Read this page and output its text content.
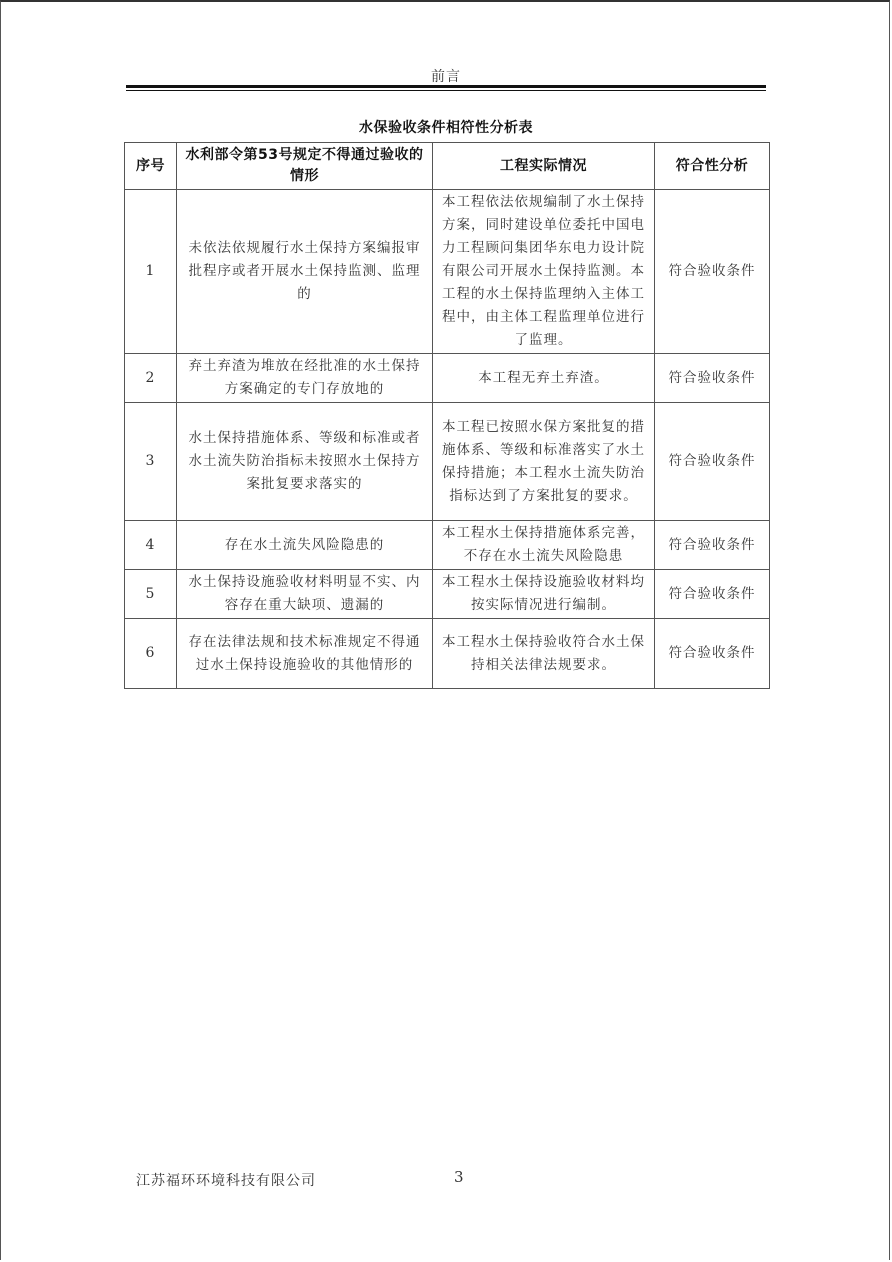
前言
水保验收条件相符性分析表
序号	水利部令第53号规定不得通过验收的情形	工程实际情况	符合性分析
1	未依法依规履行水土保持方案编报审批程序或者开展水土保持监测、监理的	本工程依法依规编制了水土保持方案，同时建设单位委托中国电力工程顾问集团华东电力设计院有限公司开展水土保持监测。本工程的水土保持监理纳入主体工程中，由主体工程监理单位进行了监理。	符合验收条件
2	弃土弃渣为堆放在经批准的水土保持方案确定的专门存放地的	本工程无弃土弃渣。	符合验收条件
3	水土保持措施体系、等级和标准或者水土流失防治指标未按照水土保持方案批复要求落实的	本工程已按照水保方案批复的措施体系、等级和标准落实了水土保持措施；本工程水土流失防治指标达到了方案批复的要求。	符合验收条件
4	存在水土流失风险隐患的	本工程水土保持措施体系完善，不存在水土流失风险隐患	符合验收条件
5	水土保持设施验收材料明显不实、内容存在重大缺项、遗漏的	本工程水土保持设施验收材料均按实际情况进行编制。	符合验收条件
6	存在法律法规和技术标准规定不得通过水土保持设施验收的其他情形的	本工程水土保持验收符合水土保持相关法律法规要求。	符合验收条件
江苏福环环境科技有限公司	3
